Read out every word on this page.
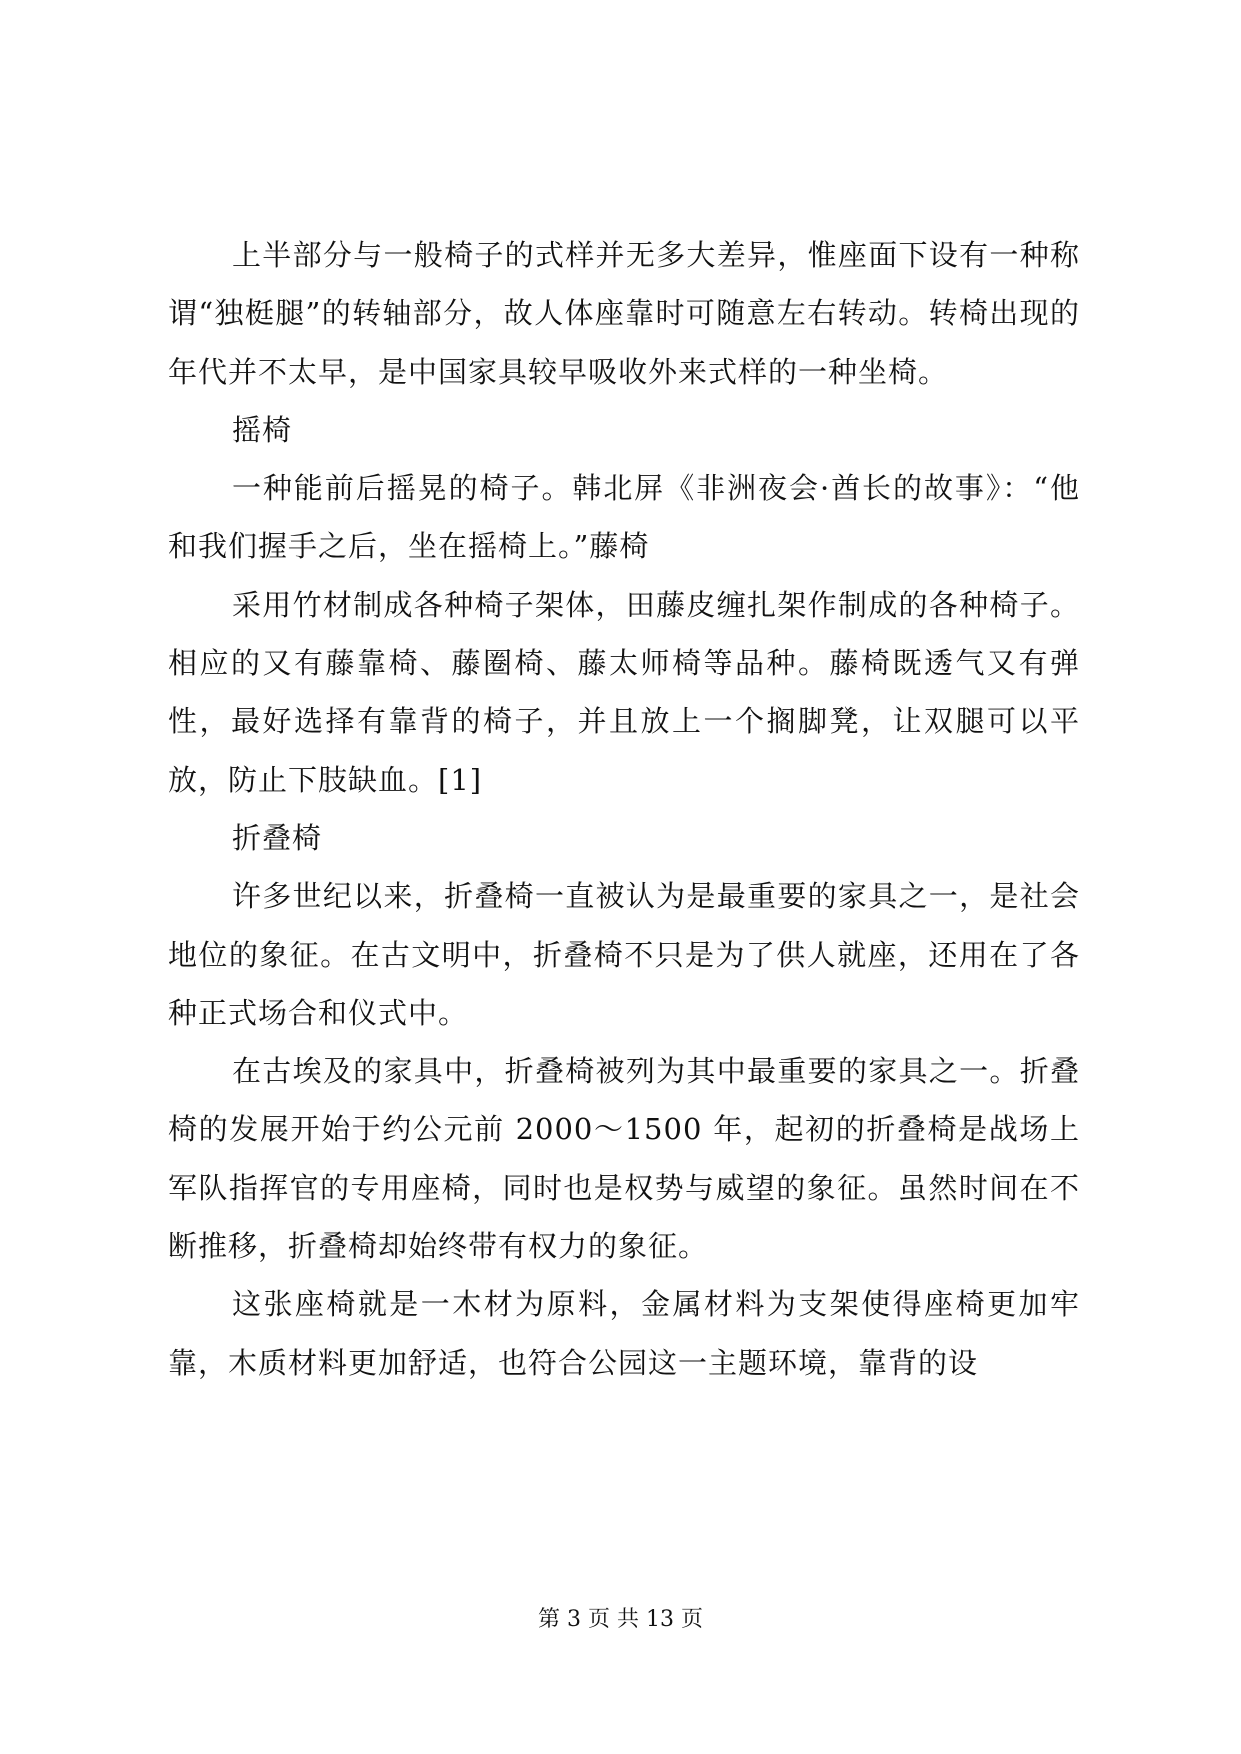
上半部分与一般椅子的式样并无多大差异，惟座面下设有一种称谓“独梃腿”的转轴部分，故人体座靠时可随意左右转动。转椅出现的年代并不太早，是中国家具较早吸收外来式样的一种坐椅。

摇椅

一种能前后摇晃的椅子。韩北屏《非洲夜会·酋长的故事》：“他和我们握手之后，坐在摇椅上。”藤椅

采用竹材制成各种椅子架体，田藤皮缠扎架作制成的各种椅子。相应的又有藤靠椅、藤圈椅、藤太师椅等品种。藤椅既透气又有弹性，最好选择有靠背的椅子，并且放上一个搁脚凳，让双腿可以平放，防止下肢缺血。[1]

折叠椅

许多世纪以来，折叠椅一直被认为是最重要的家具之一，是社会地位的象征。在古文明中，折叠椅不只是为了供人就座，还用在了各种正式场合和仪式中。

在古埃及的家具中，折叠椅被列为其中最重要的家具之一。折叠椅的发展开始于约公元前 2000～1500 年，起初的折叠椅是战场上军队指挥官的专用座椅，同时也是权势与威望的象征。虽然时间在不断推移，折叠椅却始终带有权力的象征。

这张座椅就是一木材为原料，金属材料为支架使得座椅更加牢靠，木质材料更加舒适，也符合公园这一主题环境，靠背的设

第 3 页 共 13 页
